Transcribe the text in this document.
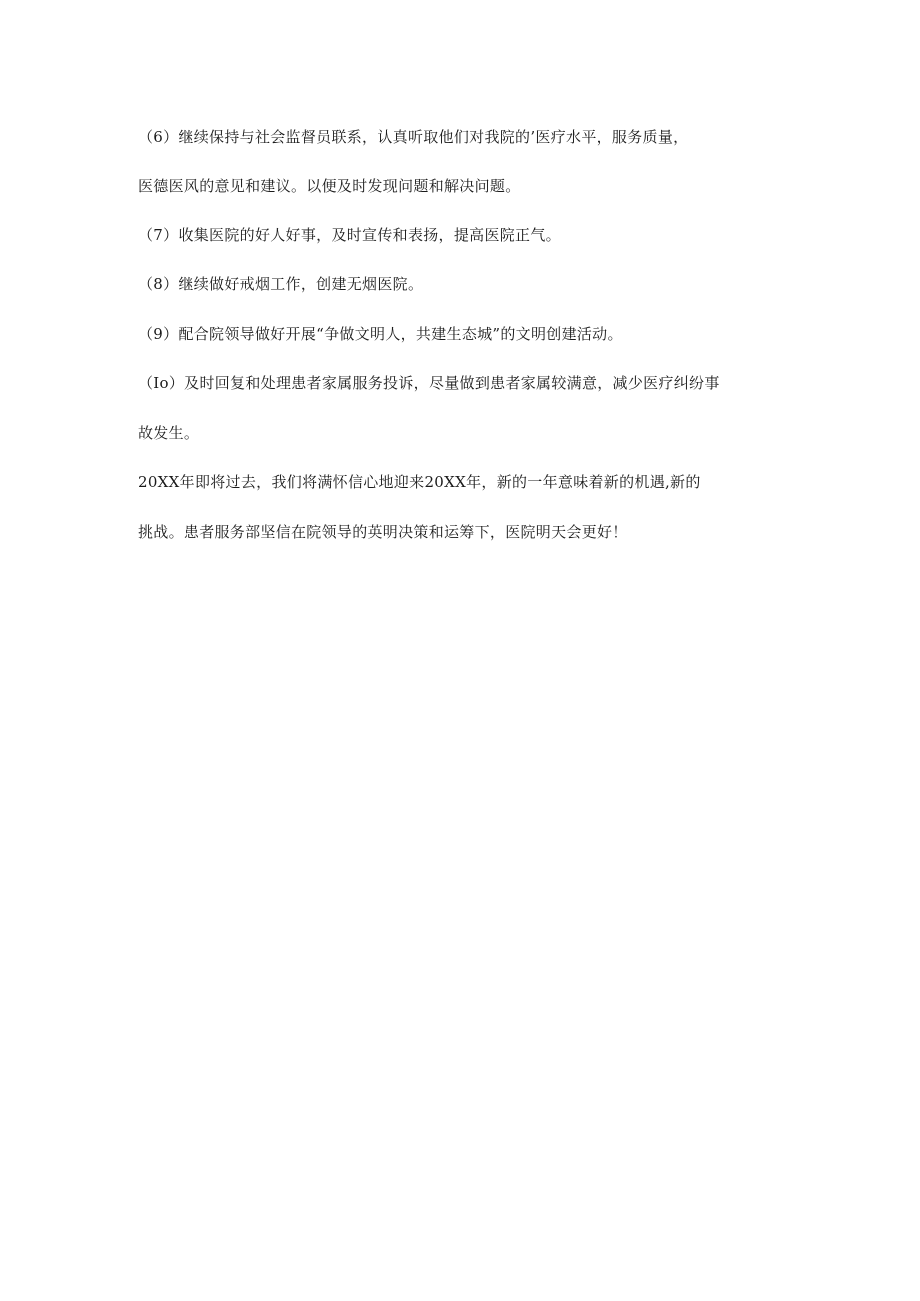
（6）继续保持与社会监督员联系，认真听取他们对我院的’医疗水平，服务质量，
医德医风的意见和建议。以便及时发现问题和解决问题。
（7）收集医院的好人好事，及时宣传和表扬，提高医院正气。
（8）继续做好戒烟工作，创建无烟医院。
（9）配合院领导做好开展“争做文明人，共建生态城”的文明创建活动。
（Io）及时回复和处理患者家属服务投诉，尽量做到患者家属较满意，减少医疗纠纷事
故发生。
20XX年即将过去，我们将满怀信心地迎来20XX年，新的一年意味着新的机遇,新的
挑战。患者服务部坚信在院领导的英明决策和运筹下，医院明天会更好！
